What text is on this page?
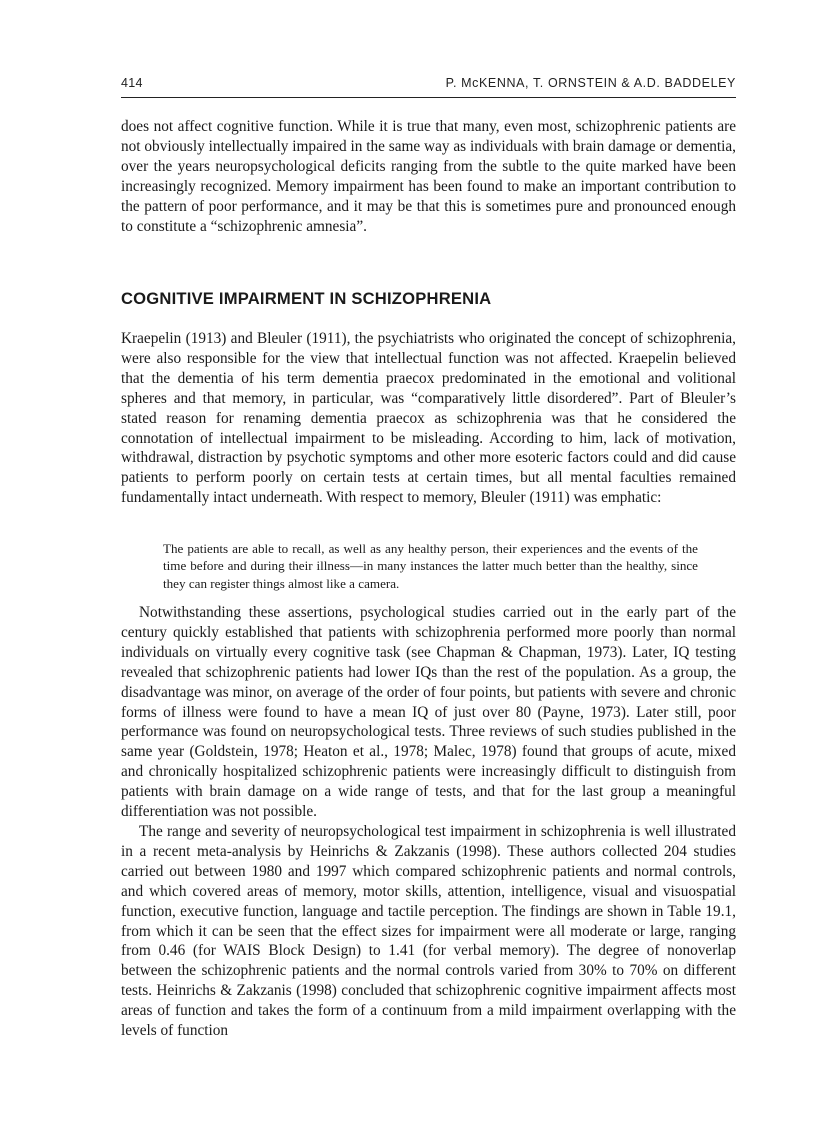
414	P. McKENNA, T. ORNSTEIN & A.D. BADDELEY

does not affect cognitive function. While it is true that many, even most, schizophrenic patients are not obviously intellectually impaired in the same way as individuals with brain damage or dementia, over the years neuropsychological deficits ranging from the subtle to the quite marked have been increasingly recognized. Memory impairment has been found to make an important contribution to the pattern of poor performance, and it may be that this is sometimes pure and pronounced enough to constitute a “schizophrenic amnesia”.

COGNITIVE IMPAIRMENT IN SCHIZOPHRENIA

Kraepelin (1913) and Bleuler (1911), the psychiatrists who originated the concept of schizophrenia, were also responsible for the view that intellectual function was not affected. Kraepelin believed that the dementia of his term dementia praecox predominated in the emotional and volitional spheres and that memory, in particular, was “comparatively little disordered”. Part of Bleuler’s stated reason for renaming dementia praecox as schizophrenia was that he considered the connotation of intellectual impairment to be misleading. According to him, lack of motivation, withdrawal, distraction by psychotic symptoms and other more esoteric factors could and did cause patients to perform poorly on certain tests at certain times, but all mental faculties remained fundamentally intact underneath. With respect to memory, Bleuler (1911) was emphatic:

The patients are able to recall, as well as any healthy person, their experiences and the events of the time before and during their illness—in many instances the latter much better than the healthy, since they can register things almost like a camera.

Notwithstanding these assertions, psychological studies carried out in the early part of the century quickly established that patients with schizophrenia performed more poorly than normal individuals on virtually every cognitive task (see Chapman & Chapman, 1973). Later, IQ testing revealed that schizophrenic patients had lower IQs than the rest of the population. As a group, the disadvantage was minor, on average of the order of four points, but patients with severe and chronic forms of illness were found to have a mean IQ of just over 80 (Payne, 1973). Later still, poor performance was found on neuropsychological tests. Three reviews of such studies published in the same year (Goldstein, 1978; Heaton et al., 1978; Malec, 1978) found that groups of acute, mixed and chronically hospitalized schizophrenic patients were increasingly difficult to distinguish from patients with brain damage on a wide range of tests, and that for the last group a meaningful differentiation was not possible.

The range and severity of neuropsychological test impairment in schizophrenia is well illustrated in a recent meta-analysis by Heinrichs & Zakzanis (1998). These authors collected 204 studies carried out between 1980 and 1997 which compared schizophrenic patients and normal controls, and which covered areas of memory, motor skills, attention, intelligence, visual and visuospatial function, executive function, language and tactile perception. The findings are shown in Table 19.1, from which it can be seen that the effect sizes for impairment were all moderate or large, ranging from 0.46 (for WAIS Block Design) to 1.41 (for verbal memory). The degree of nonoverlap between the schizophrenic patients and the normal controls varied from 30% to 70% on different tests. Heinrichs & Zakzanis (1998) concluded that schizophrenic cognitive impairment affects most areas of function and takes the form of a continuum from a mild impairment overlapping with the levels of function
